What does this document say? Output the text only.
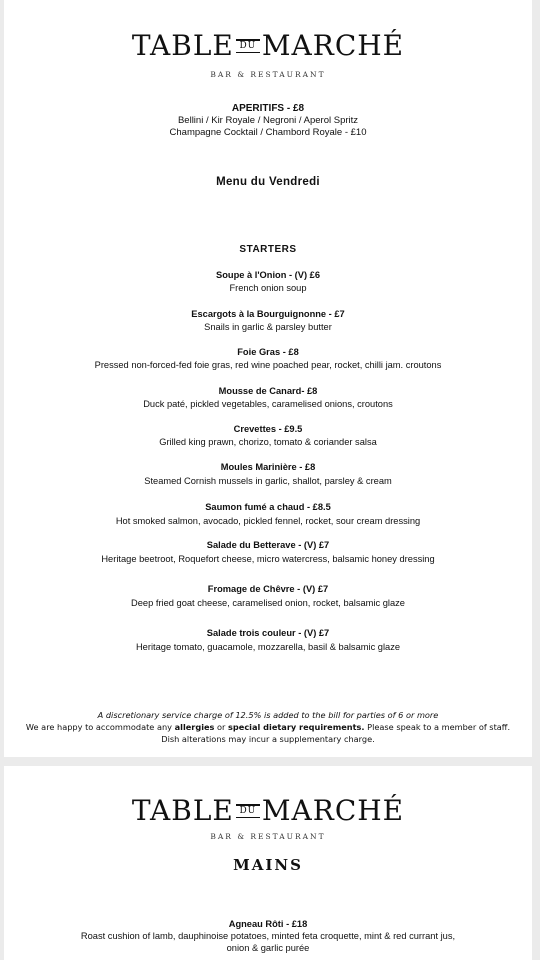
TABLE DU MARCHÉ
BAR & RESTAURANT
APERITIFS - £8
Bellini / Kir Royale / Negroni / Aperol Spritz
Champagne Cocktail / Chambord Royale - £10
Menu du Vendredi
STARTERS
Soupe à l'Onion - (V) £6
French onion soup
Escargots à la Bourguignonne - £7
Snails in garlic & parsley butter
Foie Gras - £8
Pressed non-forced-fed foie gras, red wine poached pear, rocket, chilli jam. croutons
Mousse de Canard- £8
Duck paté, pickled vegetables, caramelised onions, croutons
Crevettes - £9.5
Grilled king prawn, chorizo, tomato & coriander salsa
Moules Marinière - £8
Steamed Cornish mussels in garlic, shallot, parsley & cream
Saumon fumé a chaud - £8.5
Hot smoked salmon, avocado, pickled fennel, rocket, sour cream dressing
Salade du Betterave - (V) £7
Heritage beetroot, Roquefort cheese, micro watercress, balsamic honey dressing
Fromage de Chêvre - (V) £7
Deep fried goat cheese, caramelised onion, rocket, balsamic glaze
Salade trois couleur - (V) £7
Heritage tomato, guacamole, mozzarella, basil & balsamic glaze
A discretionary service charge of 12.5% is added to the bill for parties of 6 or more
We are happy to accommodate any allergies or special dietary requirements. Please speak to a member of staff.
Dish alterations may incur a supplementary charge.
TABLE DU MARCHÉ
BAR & RESTAURANT
MAINS
Agneau Rôti - £18
Roast cushion of lamb, dauphinoise potatoes, minted feta croquette, mint & red currant jus,
onion & garlic purée
